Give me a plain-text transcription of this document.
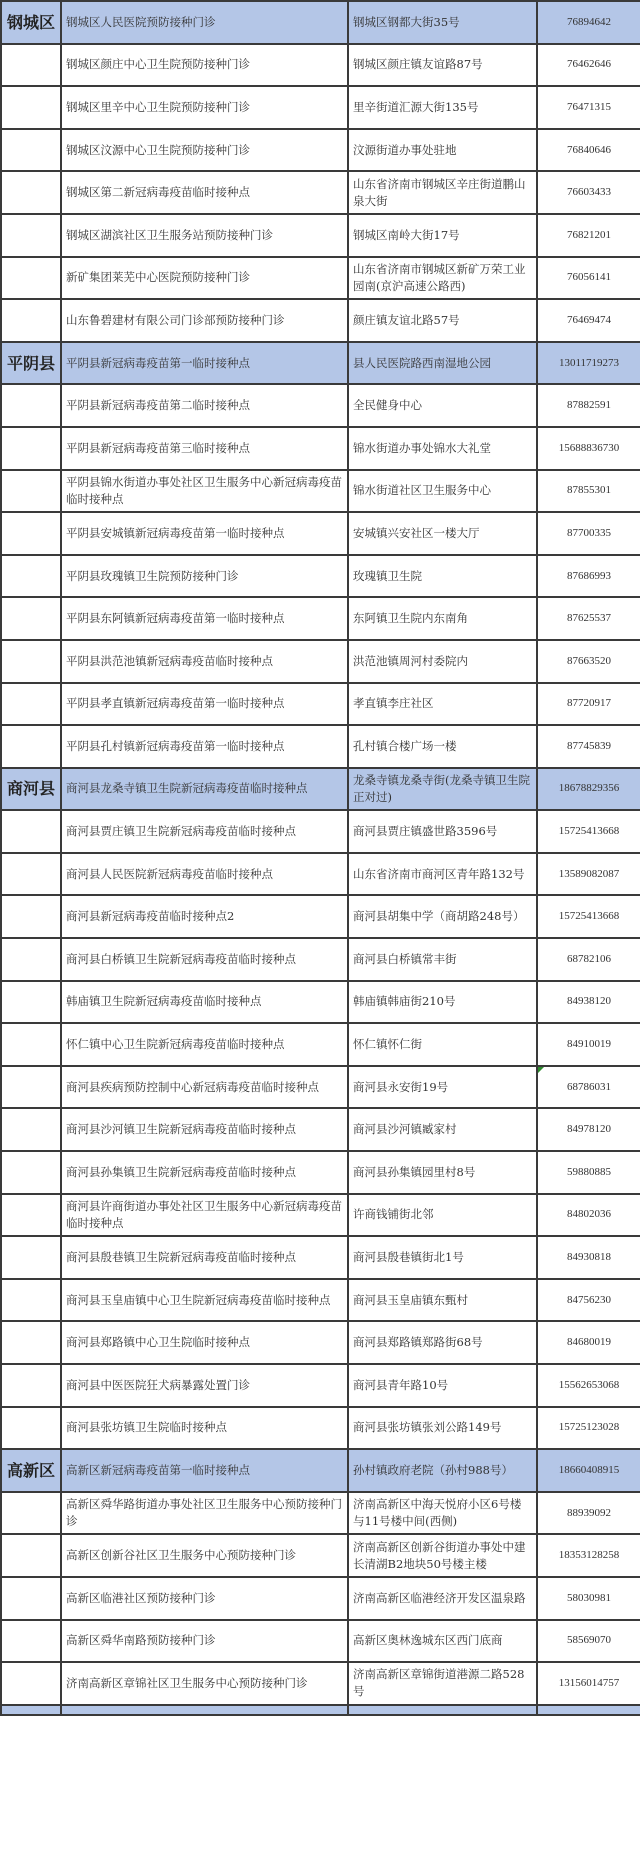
钢城区	钢城区人民医院预防接种门诊	钢城区钢都大街35号	76894642
	钢城区颜庄中心卫生院预防接种门诊	钢城区颜庄镇友谊路87号	76462646
	钢城区里辛中心卫生院预防接种门诊	里辛街道汇源大街135号	76471315
	钢城区汶源中心卫生院预防接种门诊	汶源街道办事处驻地	76840646
	钢城区第二新冠病毒疫苗临时接种点	山东省济南市钢城区辛庄街道鹏山泉大街	76603433
	钢城区湖滨社区卫生服务站预防接种门诊	钢城区南岭大街17号	76821201
	新矿集团莱芜中心医院预防接种门诊	山东省济南市钢城区新矿万荣工业园南(京沪高速公路西)	76056141
	山东鲁碧建材有限公司门诊部预防接种门诊	颜庄镇友谊北路57号	76469474
平阴县	平阴县新冠病毒疫苗第一临时接种点	县人民医院路西南湿地公园	13011719273
	平阴县新冠病毒疫苗第二临时接种点	全民健身中心	87882591
	平阴县新冠病毒疫苗第三临时接种点	锦水街道办事处锦水大礼堂	15688836730
	平阴县锦水街道办事处社区卫生服务中心新冠病毒疫苗临时接种点	锦水街道社区卫生服务中心	87855301
	平阴县安城镇新冠病毒疫苗第一临时接种点	安城镇兴安社区一楼大厅	87700335
	平阴县玫瑰镇卫生院预防接种门诊	玫瑰镇卫生院	87686993
	平阴县东阿镇新冠病毒疫苗第一临时接种点	东阿镇卫生院内东南角	87625537
	平阴县洪范池镇新冠病毒疫苗临时接种点	洪范池镇周河村委院内	87663520
	平阴县孝直镇新冠病毒疫苗第一临时接种点	孝直镇李庄社区	87720917
	平阴县孔村镇新冠病毒疫苗第一临时接种点	孔村镇合楼广场一楼	87745839
商河县	商河县龙桑寺镇卫生院新冠病毒疫苗临时接种点	龙桑寺镇龙桑寺街(龙桑寺镇卫生院正对过)	18678829356
	商河县贾庄镇卫生院新冠病毒疫苗临时接种点	商河县贾庄镇盛世路3596号	15725413668
	商河县人民医院新冠病毒疫苗临时接种点	山东省济南市商河区青年路132号	13589082087
	商河县新冠病毒疫苗临时接种点2	商河县胡集中学（商胡路248号）	15725413668
	商河县白桥镇卫生院新冠病毒疫苗临时接种点	商河县白桥镇常丰街	68782106
	韩庙镇卫生院新冠病毒疫苗临时接种点	韩庙镇韩庙街210号	84938120
	怀仁镇中心卫生院新冠病毒疫苗临时接种点	怀仁镇怀仁街	84910019
	商河县疾病预防控制中心新冠病毒疫苗临时接种点	商河县永安街19号	68786031

	商河县沙河镇卫生院新冠病毒疫苗临时接种点	商河县沙河镇臧家村	84978120
	商河县孙集镇卫生院新冠病毒疫苗临时接种点	商河县孙集镇园里村8号	59880885
	商河县许商街道办事处社区卫生服务中心新冠病毒疫苗临时接种点	许商钱铺街北邻	84802036
	商河县殷巷镇卫生院新冠病毒疫苗临时接种点	商河县殷巷镇街北1号	84930818
	商河县玉皇庙镇中心卫生院新冠病毒疫苗临时接种点	商河县玉皇庙镇东甄村	84756230
	商河县郑路镇中心卫生院临时接种点	商河县郑路镇郑路街68号	84680019
	商河县中医医院狂犬病暴露处置门诊	商河县青年路10号	15562653068
	商河县张坊镇卫生院临时接种点	商河县张坊镇张刘公路149号	15725123028
高新区	高新区新冠病毒疫苗第一临时接种点	孙村镇政府老院（孙村988号）	18660408915
	高新区舜华路街道办事处社区卫生服务中心预防接种门诊	济南高新区中海天悦府小区6号楼与11号楼中间(西侧)	88939092
	高新区创新谷社区卫生服务中心预防接种门诊	济南高新区创新谷街道办事处中建长清湖B2地块50号楼主楼	18353128258
	高新区临港社区预防接种门诊	济南高新区临港经济开发区温泉路	58030981
	高新区舜华南路预防接种门诊	高新区奥林逸城东区西门底商	58569070
	济南高新区章锦社区卫生服务中心预防接种门诊	济南高新区章锦街道港源二路528号	13156014757
